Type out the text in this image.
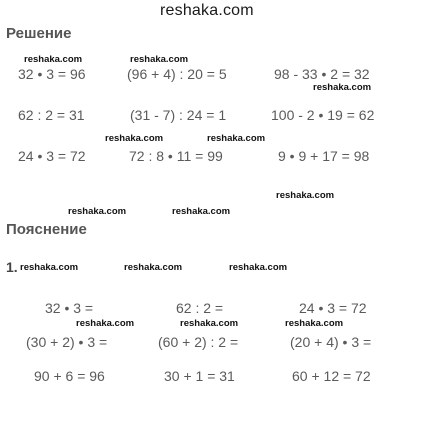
reshaka.com
Решение
reshaka.com	reshaka.com
reshaka.com
reshaka.com	reshaka.com
reshaka.com
reshaka.com	reshaka.com
32 • 3 = 96	(96 + 4) : 20 = 5	98 - 33 • 2 = 32
62 : 2 = 31	(31 - 7) : 24 = 1	100 - 2 • 19 = 62
24 • 3 = 72	72 : 8 • 11 = 99	9 • 9 + 17 = 98
Пояснение
1. reshaka.com	reshaka.com	reshaka.com
32 • 3 =	62 : 2 =	24 • 3 = 72
reshaka.com	reshaka.com	reshaka.com
(30 + 2) • 3 =	(60 + 2) : 2 =	(20 + 4) • 3 =
90 + 6 = 96	30 + 1 = 31	60 + 12 = 72
